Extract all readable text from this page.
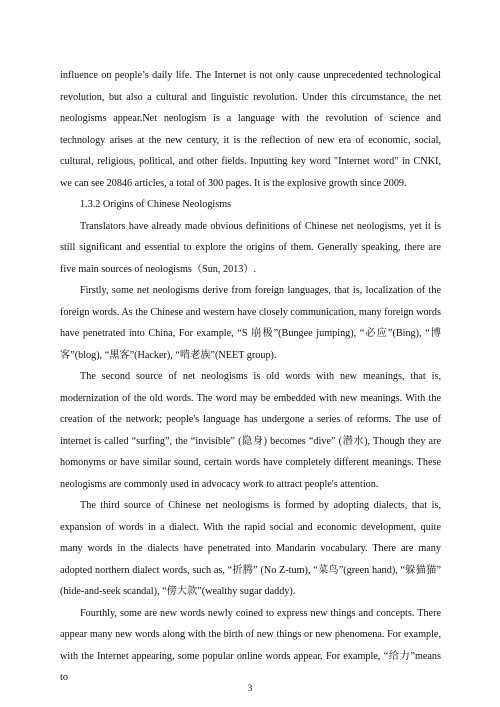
influence on people’s daily life. The Internet is not only cause unprecedented technological revolution, but also a cultural and linguistic revolution. Under this circumstance, the net neologisms appear.Net neologism is a language with the revolution of science and technology arises at the new century, it is the reflection of new era of economic, social, cultural, religious, political, and other fields. Inputting key word "Internet word" in CNKI, we can see 20846 articles, a total of 300 pages. It is the explosive growth since 2009.

1.3.2 Origins of Chinese Neologisms

Translators have already made obvious definitions of Chinese net neologisms, yet it is still significant and essential to explore the origins of them. Generally speaking, there are five main sources of neologisms（Sun, 2013）.

Firstly, some net neologisms derive from foreign languages, that is, localization of the foreign words. As the Chinese and western have closely communication, many foreign words have penetrated into China, For example, “S 崩极”(Bungee jumping), “必应”(Bing), “博客”(blog), “黑客”(Hacker), “啃老族”(NEET group).

The second source of net neologisms is old words with new meanings, that is, modernization of the old words. The word may be embedded with new meanings. With the creation of the network; people's language has undergone a series of reforms. The use of internet is called “surfing”, the “invisible” (隐身) becomes “dive” (潜水), Though they are homonyms or have similar sound, certain words have completely different meanings. These neologisms are commonly used in advocacy work to attract people's attention.

The third source of Chinese net neologisms is formed by adopting dialects, that is, expansion of words in a dialect. With the rapid social and economic development, quite many words in the dialects have penetrated into Mandarin vocabulary. There are many adopted northern dialect words, such as, “折腾” (No Z-tum), “菜鸟”(green hand), “躲猫猫” (hide-and-seek scandal), “傍大款”(wealthy sugar daddy).

Fourthly, some are new words newly coined to express new things and concepts. There appear many new words along with the birth of new things or new phenomena. For example, with the Internet appearing, some popular online words appear. For example, “给力”means to

3
